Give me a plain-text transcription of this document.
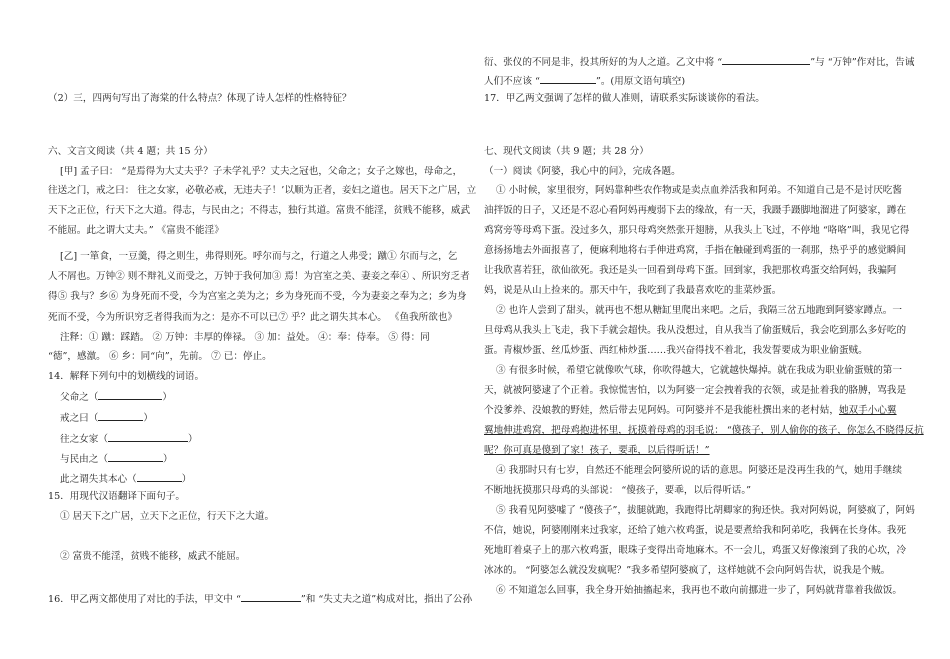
（2）三，四两句写出了海棠的什么特点？体现了诗人怎样的性格特征？
六、文言文阅读（共 4 题；共 15 分）
[甲] 孟子曰： “是焉得为大丈夫乎？子未学礼乎？丈夫之冠也，父命之；女子之嫁也，母命之，
往送之门，戒之曰： 往之女家，必敬必戒，无违夫子！’以顺为正者，妾妇之道也。居天下之广居，立
天下之正位，行天下之大道。得志，与民由之；不得志，独行其道。富贵不能淫，贫贱不能移，威武
不能屈。此之谓大丈夫。” 《富贵不能淫》
[乙] 一箪食，一豆羹，得之则生，弗得则死。呼尔而与之，行道之人弗受；蹴① 尔而与之，乞
人不屑也。万钟② 则不辩礼义而受之，万钟于我何加③ 焉！为宫室之美、妻妾之奉④ 、所识穷乏者
得⑤ 我与？乡⑥ 为身死而不受，今为宫室之美为之；乡为身死而不受，今为妻妾之奉为之；乡为身
死而不受，今为所识穷乏者得我而为之：是亦不可以已⑦ 乎？此之谓失其本心。 《鱼我所欲也》
注释：① 蹴：踩踏。 ② 万钟：丰厚的俸禄。 ③ 加：益处。 ④：奉：侍奉。 ⑤ 得：同
“德”，感激。 ⑥ 乡：同“向”，先前。 ⑦ 已：停止。
14．解释下列句中的划横线的词语。
父命之（	）
戒之曰（	）
往之女家（	）
与民由之（	）
此之谓失其本心（	）
15．用现代汉语翻译下面句子。
① 居天下之广居，立天下之正位，行天下之大道。
② 富贵不能淫，贫贱不能移，威武不能屈。
16．甲乙两文都使用了对比的手法，甲文中 “	”和 “失丈夫之道”构成对比，指出了公孙
衍、张仪的不同是非，投其所好的为人之道。乙文中将 “	”与 “万钟”作对比，告诫
人们不应该 “	”。(用原文语句填空)
17．甲乙两文强调了怎样的做人准则，请联系实际谈谈你的看法。
七、现代文阅读（共 9 题；共 28 分）
（一）阅读《阿婆，我心中的问》，完成各题。
① 小时候，家里很穷，阿妈靠种些农作物或是卖点血养活我和阿弟。不知道自己是不是讨厌吃酱
油拌饭的日子，又还是不忍心看阿妈再瘦弱下去的缘故，有一天，我蹑手蹑脚地溜进了阿婆家，蹲在
鸡窝旁等母鸡下蛋。没过多久，那只母鸡突然张开翅膀，从我头上飞过，不停地 “咯咯”叫，我见它得
意扬扬地去外面报喜了，便麻利地将右手伸进鸡窝，手指在触碰到鸡蛋的一刹那，热乎乎的感觉瞬间
让我欣喜若狂，欲仙欲死。我还是头一回看到母鸡下蛋。回到家，我把那枚鸡蛋交给阿妈，我骗阿
妈，说是从山上捡来的。那天中午，我吃到了我最喜欢吃的韭菜炒蛋。
② 也许人尝到了甜头，就再也不想从糖缸里爬出来吧。之后，我隔三岔五地跑到阿婆家蹲点。一
旦母鸡从我头上飞走，我下手就会超快。我从没想过，自从我当了偷蛋贼后，我会吃到那么多好吃的
蛋。青椒炒蛋、丝瓜炒蛋、西红柿炒蛋……我兴奋得找不着北，我发誓要成为职业偷蛋贼。
③ 有很多时候，希望它就像吹气球，你吹得越大，它就越快爆掉。就在我成为职业偷蛋贼的第一
天，就被阿婆逮了个正着。我惊慌害怕，以为阿婆一定会拽着我的衣领，或是扯着我的胳膊，骂我是
个没爹养、没娘教的野娃，然后带去见阿妈。可阿婆并不是我能杜撰出来的老村姑，她双手小心翼
翼地伸进鸡窝，把母鸡抱进怀里，抚摸着母鸡的羽毛说： “傻孩子，别人偷你的孩子，你怎么不晓得反抗
呢？你可真是傻到了家！孩子，要乖，以后得听话！”
④ 我那时只有七岁，自然还不能理会阿婆所说的话的意思。阿婆还是没再生我的气，她用手继续
不断地抚摸那只母鸡的头部说： “傻孩子，要乖，以后得听话。”
⑤ 我看见阿婆嘘了 “傻孩子”，拔腿就跑，我跑得比胡卿家的狗还快。我对阿妈说，阿婆疯了，阿妈
不信，她说，阿婆刚刚来过我家，还给了她六枚鸡蛋，说是要煮给我和阿弟吃，我俩在长身体。我死
死地盯着桌子上的那六枚鸡蛋，眼珠子变得出奇地麻木。不一会儿，鸡蛋又好像滚到了我的心坎，冷
冰冰的。 “阿婆怎么就没发疯呢？”我多希望阿婆疯了，这样她就不会向阿妈告状，说我是个贼。
⑥ 不知道怎么回事，我全身开始抽搐起来，我再也不敢向前挪进一步了，阿妈就背靠着我做饭。
